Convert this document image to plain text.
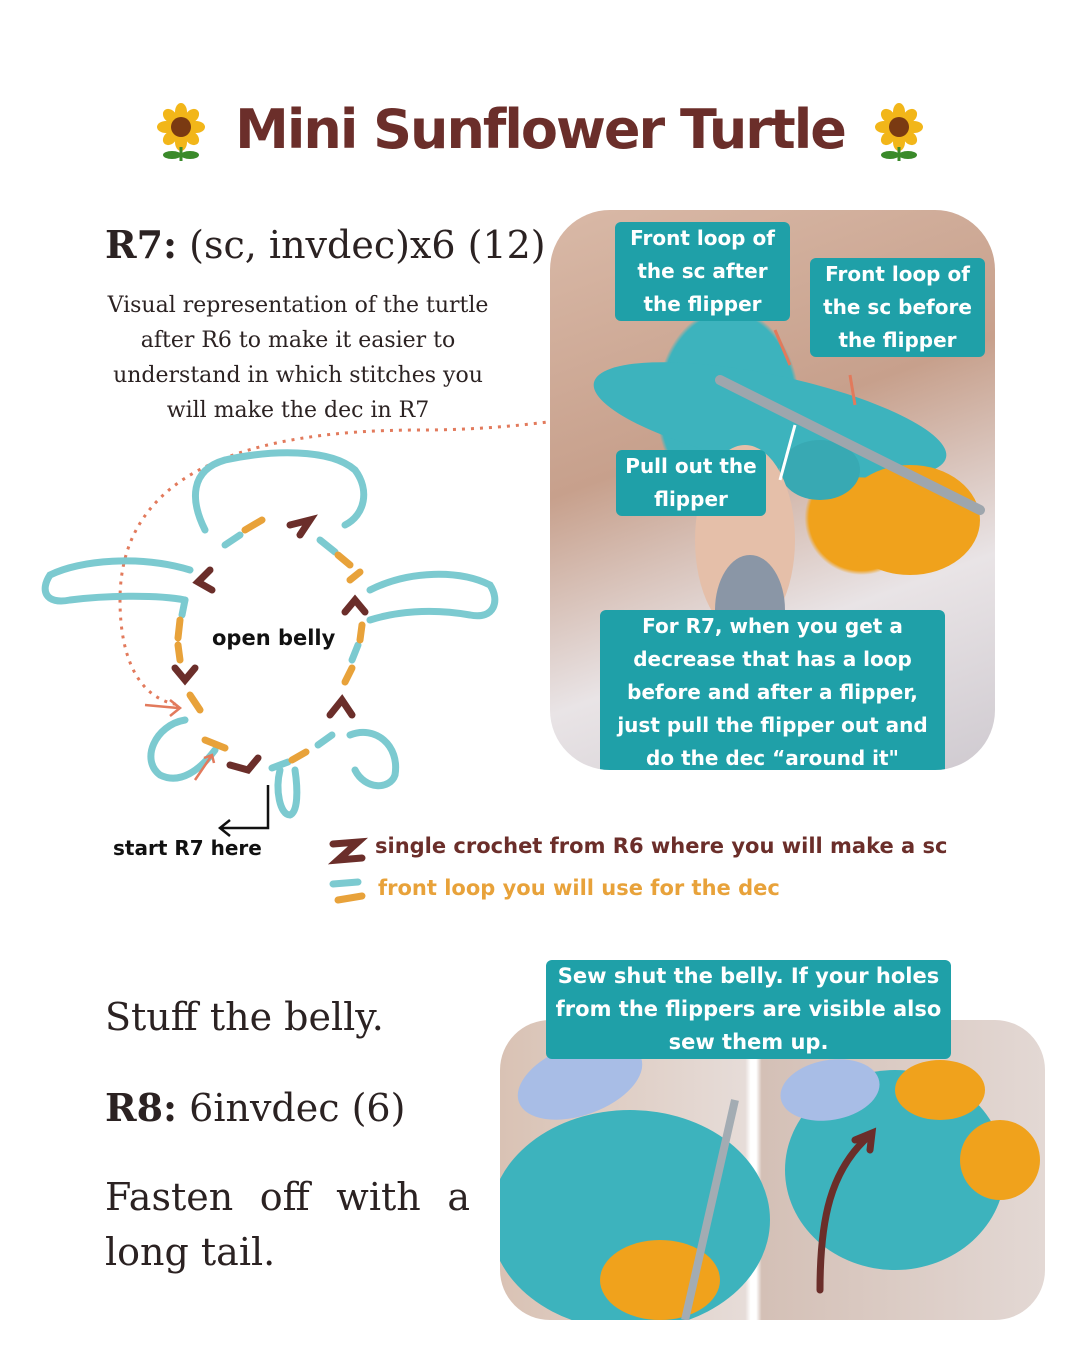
Mini Sunflower Turtle
R7: (sc, invdec)x6 (12)
Visual representation of the turtle
after R6 to make it easier to
understand in which stitches you
will make the dec in R7
open belly
start R7 here
Front loop of
the sc after
the flipper
Front loop of
the sc before
the flipper
Pull out the
flipper
For R7, when you get a
decrease that has a loop
before and after a flipper,
just pull the flipper out and
do the dec “around it"
single crochet from R6 where you will make a sc
front loop you will use for the dec
Stuff the belly.
R8: 6invdec (6)
Fasten off with a
long tail.
Sew shut the belly. If your holes
from the flippers are visible also
sew them up.
